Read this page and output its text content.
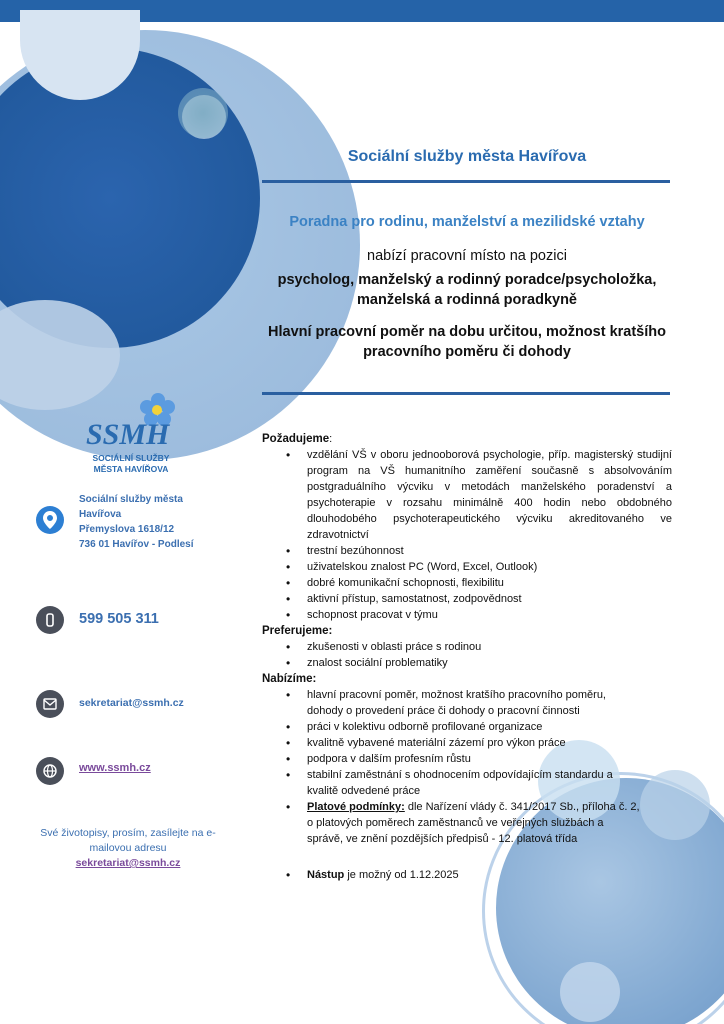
Sociální služby města Havířova
Poradna pro rodinu, manželství a mezilidské vztahy
nabízí pracovní místo na pozici
psycholog, manželský a rodinný poradce/psycholožka,
manželská a rodinná poradkyně
Hlavní pracovní poměr na dobu určitou, možnost kratšího
pracovního poměru či dohody
SSMH
SOCIÁLNÍ SLUŽBY
MĚSTA HAVÍŘOVA
Sociální služby města
Havířova
Přemyslova 1618/12
736 01 Havířov - Podlesí
599 505 311
sekretariat@ssmh.cz
www.ssmh.cz
Své životopisy, prosím, zasílejte na e-mailovou adresu
sekretariat@ssmh.cz
Požadujeme:
• vzdělání VŠ v oboru jednooborová psychologie, příp. magisterský studijní program na VŠ humanitního zaměření současně s absolvováním postgraduálního výcviku v metodách manželského poradenství a psychoterapie v rozsahu minimálně 400 hodin nebo obdobného dlouhodobého psychoterapeutického výcviku akreditovaného ve zdravotnictví
• trestní bezúhonnost
• uživatelskou znalost PC (Word, Excel, Outlook)
• dobré komunikační schopnosti, flexibilitu
• aktivní přístup, samostatnost, zodpovědnost
• schopnost pracovat v týmu
Preferujeme:
• zkušenosti v oblasti práce s rodinou
• znalost sociální problematiky
Nabízíme:
• hlavní pracovní poměr, možnost kratšího pracovního poměru, dohody o provedení práce či dohody o pracovní činnosti
• práci v kolektivu odborně profilované organizace
• kvalitně vybavené materiální zázemí pro výkon práce
• podpora v dalším profesním růstu
• stabilní zaměstnání s ohodnocením odpovídajícím standardu a kvalitě odvedené práce
• Platové podmínky: dle Nařízení vlády č. 341/2017 Sb., příloha č. 2, o platových poměrech zaměstnanců ve veřejných službách a správě, ve znění pozdějších předpisů - 12. platová třída
• Nástup je možný od 1.12.2025
